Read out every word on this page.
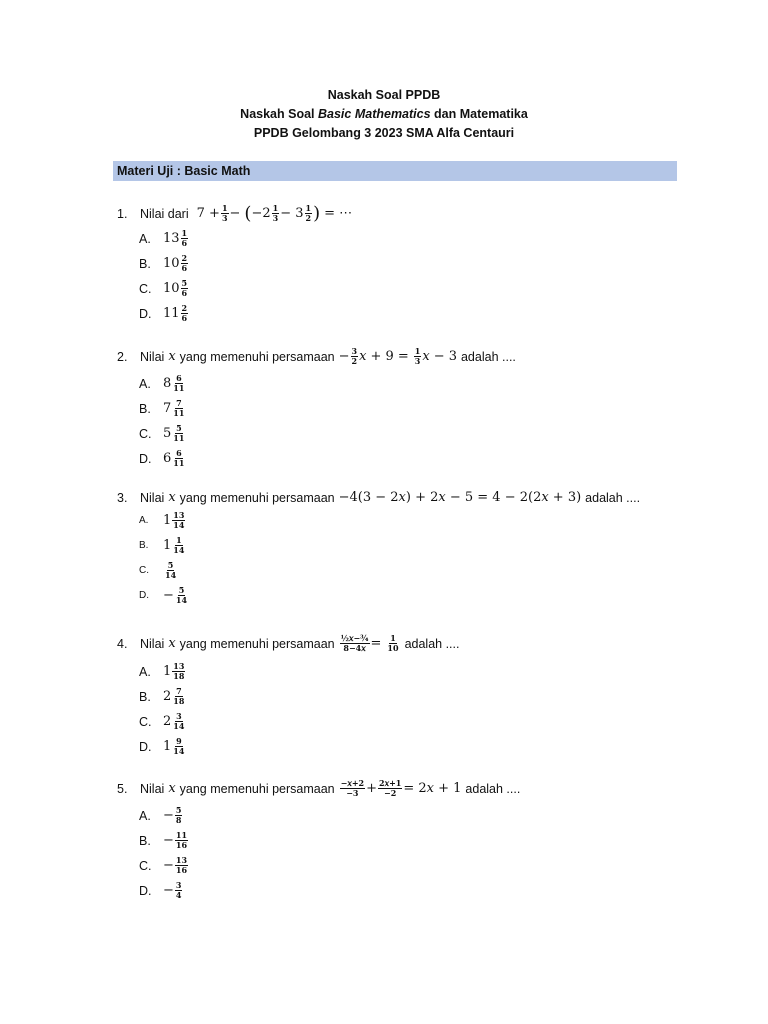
Naskah Soal PPDB
Naskah Soal Basic Mathematics dan Matematika
PPDB Gelombang 3 2023 SMA Alfa Centauri
Materi Uji : Basic Math
1.	Nilai dari $7 + \frac{1}{3}$ − ( $-2 \frac{1}{3} - 3 \frac{1}{2}$ ) = ⋯
A. $13 \frac{1}{6}$
B. $10 \frac{2}{6}$
C. $10 \frac{5}{6}$
D. $11 \frac{2}{6}$
2.	Nilai x yang memenuhi persamaan − $\frac{3}{2}$ $x + 9 = \frac{1}{3}$ x − 3 adalah ....
A. $8 \frac{6}{11}$
B. $7 \frac{7}{11}$
C. $5 \frac{5}{11}$
D. $6 \frac{6}{11}$
3.	Nilai x yang memenuhi persamaan −4(3 − 2𝑥) + 2𝑥 − 5 = 4 − 2(2𝑥 + 3) adalah ....
A.	$1 \frac{13}{14}$
B.	$1 \frac{1}{14}$
C.	$\frac{5}{14}$
D.	− $\frac{5}{14}$
4.	Nilai x yang memenuhi persamaan $\frac{\text{½𝑥−¾}}{\text{8−4𝑥}} = \frac{1}{10}$ adalah ....
A. $1 \frac{13}{18}$
B. $2 \frac{7}{18}$
C. $2 \frac{3}{14}$
D. $1 \frac{9}{14}$
5.	Nilai x yang memenuhi persamaan $\frac{\text{−𝑥+2}}{-3} + \frac{\text{2𝑥+1}}{-2}$ = 2𝑥 + 1 adalah ....
A. − $\frac{5}{8}$
B. − $\frac{11}{16}$
C. − $\frac{13}{16}$
D. − $\frac{3}{4}$
